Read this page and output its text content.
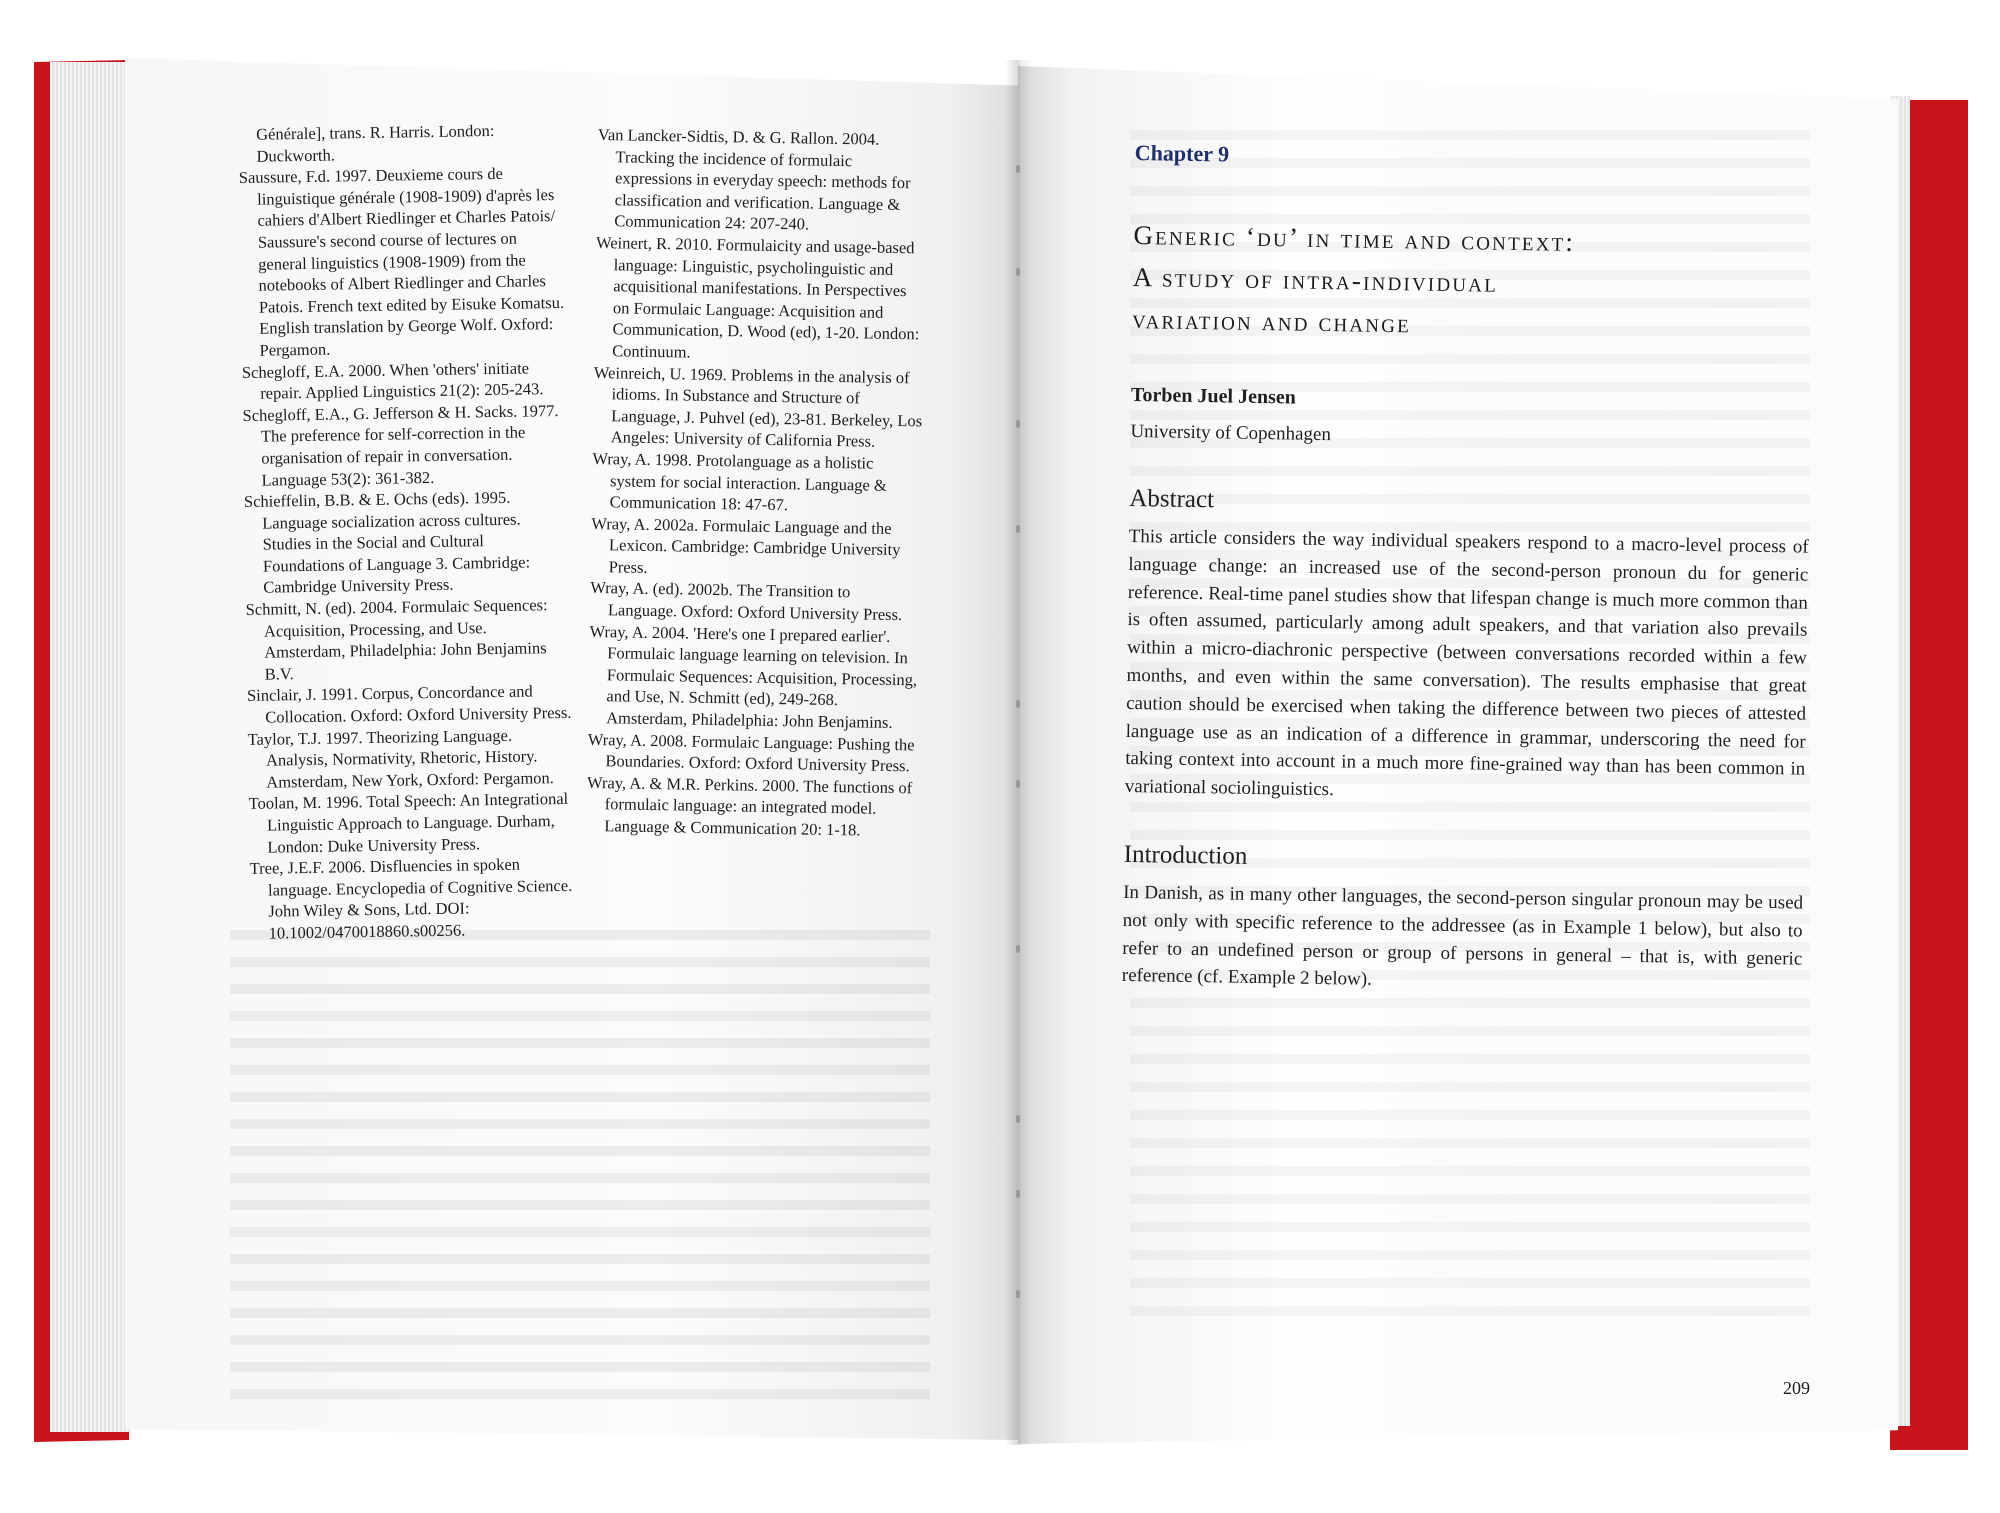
Générale], trans. R. Harris. London: Duckworth.

Saussure, F.d. 1997. Deuxieme cours de linguistique générale (1908-1909) d'après les cahiers d'Albert Riedlinger et Charles Patois/ Saussure's second course of lectures on general linguistics (1908-1909) from the notebooks of Albert Riedlinger and Charles Patois. French text edited by Eisuke Komatsu. English translation by George Wolf. Oxford: Pergamon.

Schegloff, E.A. 2000. When 'others' initiate repair. Applied Linguistics 21(2): 205-243.

Schegloff, E.A., G. Jefferson & H. Sacks. 1977. The preference for self-correction in the organisation of repair in conversation. Language 53(2): 361-382.

Schieffelin, B.B. & E. Ochs (eds). 1995. Language socialization across cultures. Studies in the Social and Cultural Foundations of Language 3. Cambridge: Cambridge University Press.

Schmitt, N. (ed). 2004. Formulaic Sequences: Acquisition, Processing, and Use. Amsterdam, Philadelphia: John Benjamins B.V.

Sinclair, J. 1991. Corpus, Concordance and Collocation. Oxford: Oxford University Press.

Taylor, T.J. 1997. Theorizing Language. Analysis, Normativity, Rhetoric, History. Amsterdam, New York, Oxford: Pergamon.

Toolan, M. 1996. Total Speech: An Integrational Linguistic Approach to Language. Durham, London: Duke University Press.

Tree, J.E.F. 2006. Disfluencies in spoken language. Encyclopedia of Cognitive Science. John Wiley & Sons, Ltd. DOI: 10.1002/0470018860.s00256.

Van Lancker-Sidtis, D. & G. Rallon. 2004. Tracking the incidence of formulaic expressions in everyday speech: methods for classification and verification. Language & Communication 24: 207-240.

Weinert, R. 2010. Formulaicity and usage-based language: Linguistic, psycholinguistic and acquisitional manifestations. In Perspectives on Formulaic Language: Acquisition and Communication, D. Wood (ed), 1-20. London: Continuum.

Weinreich, U. 1969. Problems in the analysis of idioms. In Substance and Structure of Language, J. Puhvel (ed), 23-81. Berkeley, Los Angeles: University of California Press.

Wray, A. 1998. Protolanguage as a holistic system for social interaction. Language & Communication 18: 47-67.

Wray, A. 2002a. Formulaic Language and the Lexicon. Cambridge: Cambridge University Press.

Wray, A. (ed). 2002b. The Transition to Language. Oxford: Oxford University Press.

Wray, A. 2004. 'Here's one I prepared earlier'. Formulaic language learning on television. In Formulaic Sequences: Acquisition, Processing, and Use, N. Schmitt (ed), 249-268. Amsterdam, Philadelphia: John Benjamins.

Wray, A. 2008. Formulaic Language: Pushing the Boundaries. Oxford: Oxford University Press.

Wray, A. & M.R. Perkins. 2000. The functions of formulaic language: an integrated model. Language & Communication 20: 1-18.

Chapter 9
Generic ‘du’ in time and context:
A study of intra-individual
variation and change
Torben Juel Jensen
University of Copenhagen
Abstract

This article considers the way individual speakers respond to a macro-level process of language change: an increased use of the second-person pronoun du for generic reference. Real-time panel studies show that lifespan change is much more common than is often assumed, particularly among adult speakers, and that variation also prevails within a micro-diachronic perspective (between conversations recorded within a few months, and even within the same conversation). The results emphasise that great caution should be exercised when taking the difference between two pieces of attested language use as an indication of a difference in grammar, underscoring the need for taking context into account in a much more fine-grained way than has been common in variational sociolinguistics.

Introduction

In Danish, as in many other languages, the second-person singular pronoun may be used not only with specific reference to the addressee (as in Example 1 below), but also to refer to an undefined person or group of persons in general – that is, with generic reference (cf. Example 2 below).

209
